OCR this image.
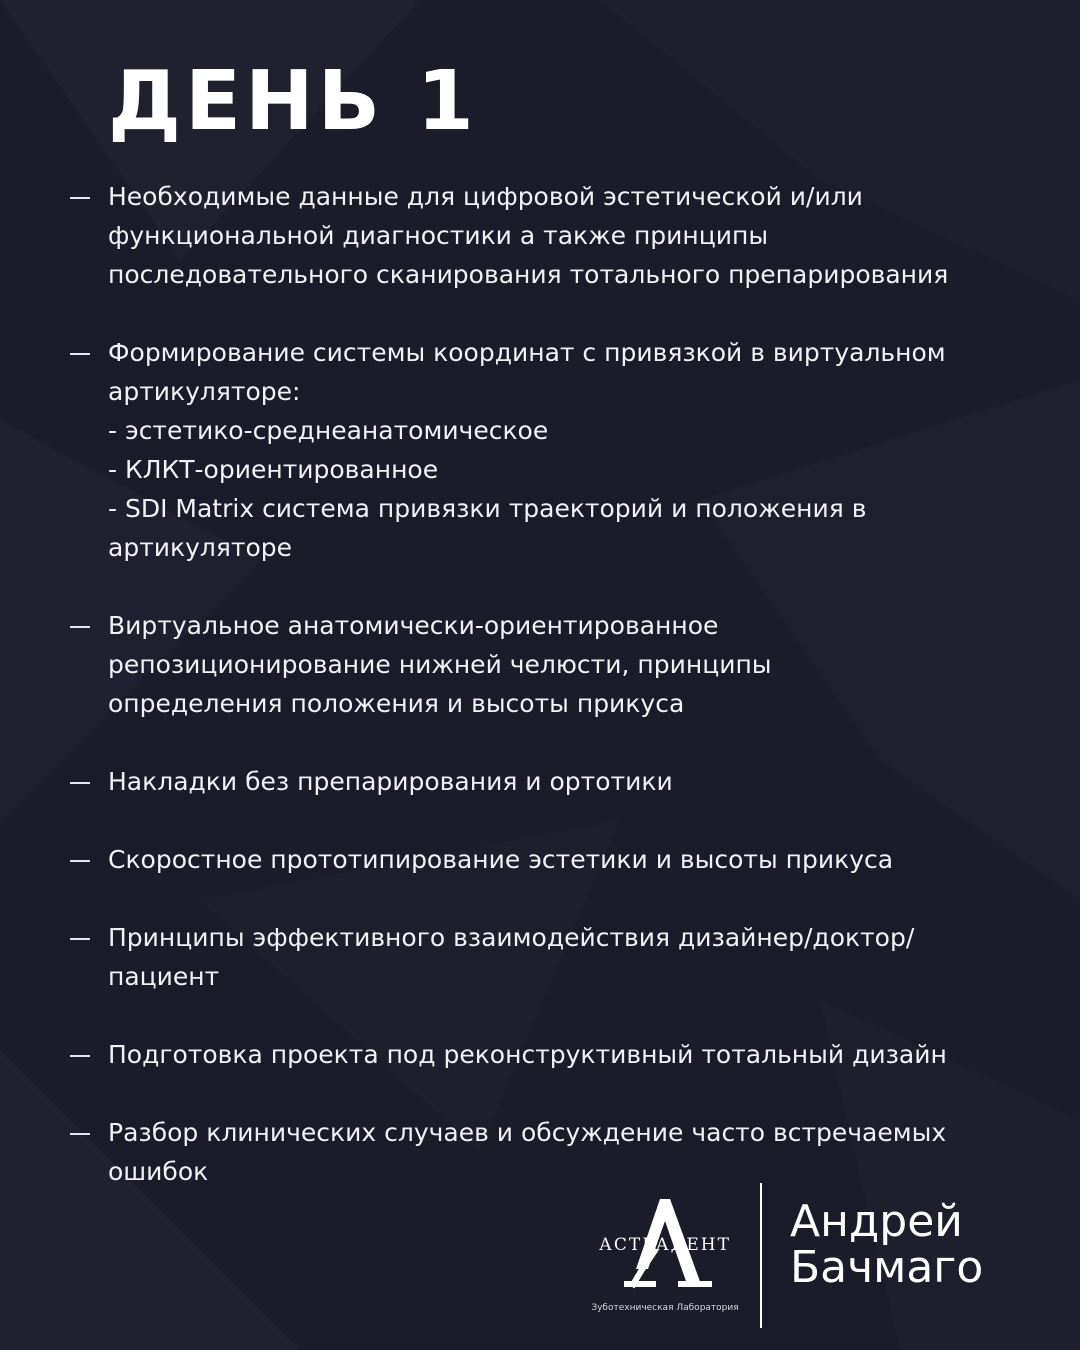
ДЕНЬ 1
Необходимые данные для цифровой эстетической и/или
функциональной диагностики а также принципы
последовательного сканирования тотального препарирования
Формирование системы координат с привязкой в виртуальном
артикуляторе:
- эстетико-среднеанатомическое
- КЛКТ-ориентированное
- SDI Matrix система привязки траекторий и положения в
артикуляторе
Виртуальное анатомически-ориентированное
репозиционирование нижней челюсти, принципы
определения положения и высоты прикуса
Накладки без препарирования и ортотики
Скоростное прототипирование эстетики и высоты прикуса
Принципы эффективного взаимодействия дизайнер/доктор/
пациент
Подготовка проекта под реконструктивный тотальный дизайн
Разбор клинических случаев и обсуждение часто встречаемых
ошибок
АСТРАДЕНТ
Зуботехническая Лаборатория
Андрей
Бачмаго
